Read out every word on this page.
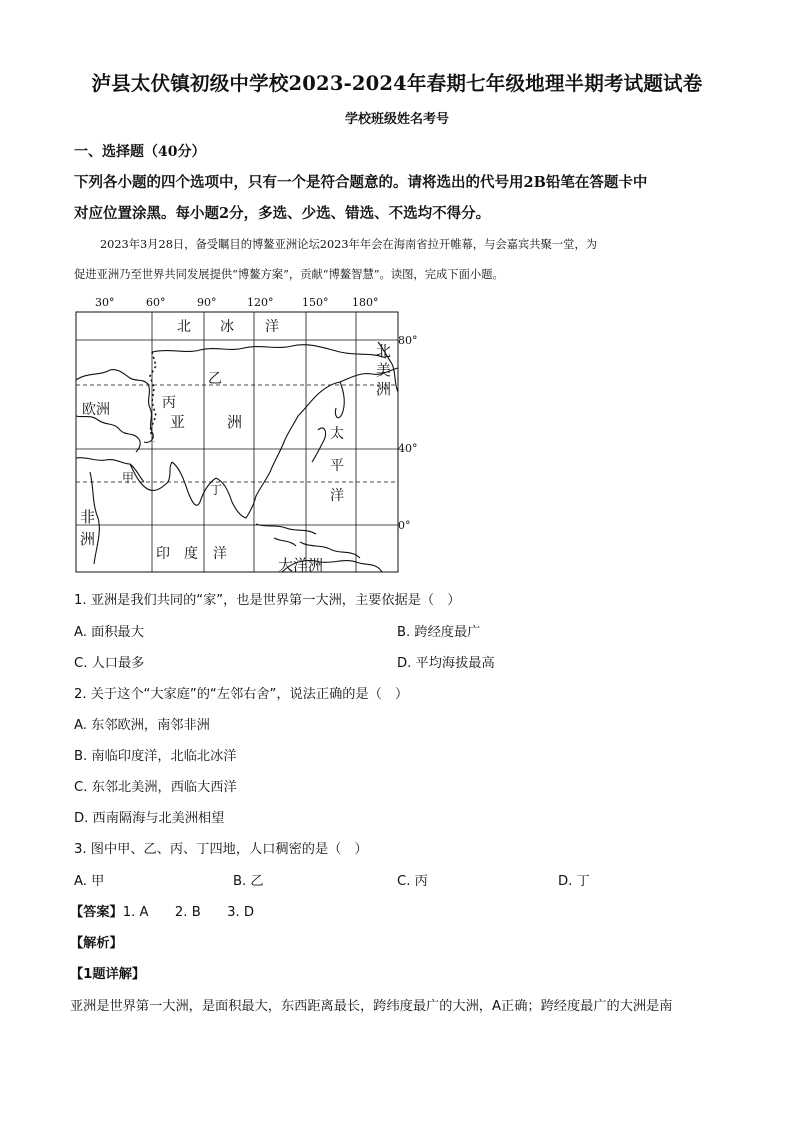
泸县太伏镇初级中学校2023-2024年春期七年级地理半期考试题试卷
学校班级姓名考号
一、选择题（40分）
下列各小题的四个选项中，只有一个是符合题意的。请将选出的代号用2B铅笔在答题卡中
对应位置涂黑。每小题2分，多选、少选、错选、不选均不得分。
2023年3月28日，备受瞩目的博鳌亚洲论坛2023年年会在海南省拉开帷幕，与会嘉宾共聚一堂，为
促进亚洲乃至世界共同发展提供“博鳌方案”，贡献“博鳌智慧”。读图，完成下面小题。
30°	60°	90°	120°	150° 180°
80°
40°
0°
北 冰 洋
乙
丙
亚	洲
欧洲
甲
丁
非
洲
印 度 洋
太
平
洋
北
美
洲
大洋洲
1. 亚洲是我们共同的“家”，也是世界第一大洲，主要依据是（　）
A. 面积最大	B. 跨经度最广
C. 人口最多	D. 平均海拔最高
2. 关于这个“大家庭”的“左邻右舍”，说法正确的是（　）
A. 东邻欧洲，南邻非洲
B. 南临印度洋，北临北冰洋
C. 东邻北美洲，西临大西洋
D. 西南隔海与北美洲相望
3. 图中甲、乙、丙、丁四地，人口稠密的是（　）
A. 甲	B. 乙	C. 丙	D. 丁
【答案】1. A　　2. B　　3. D
【解析】
【1题详解】
亚洲是世界第一大洲，是面积最大，东西距离最长，跨纬度最广的大洲，A正确；跨经度最广的大洲是南
